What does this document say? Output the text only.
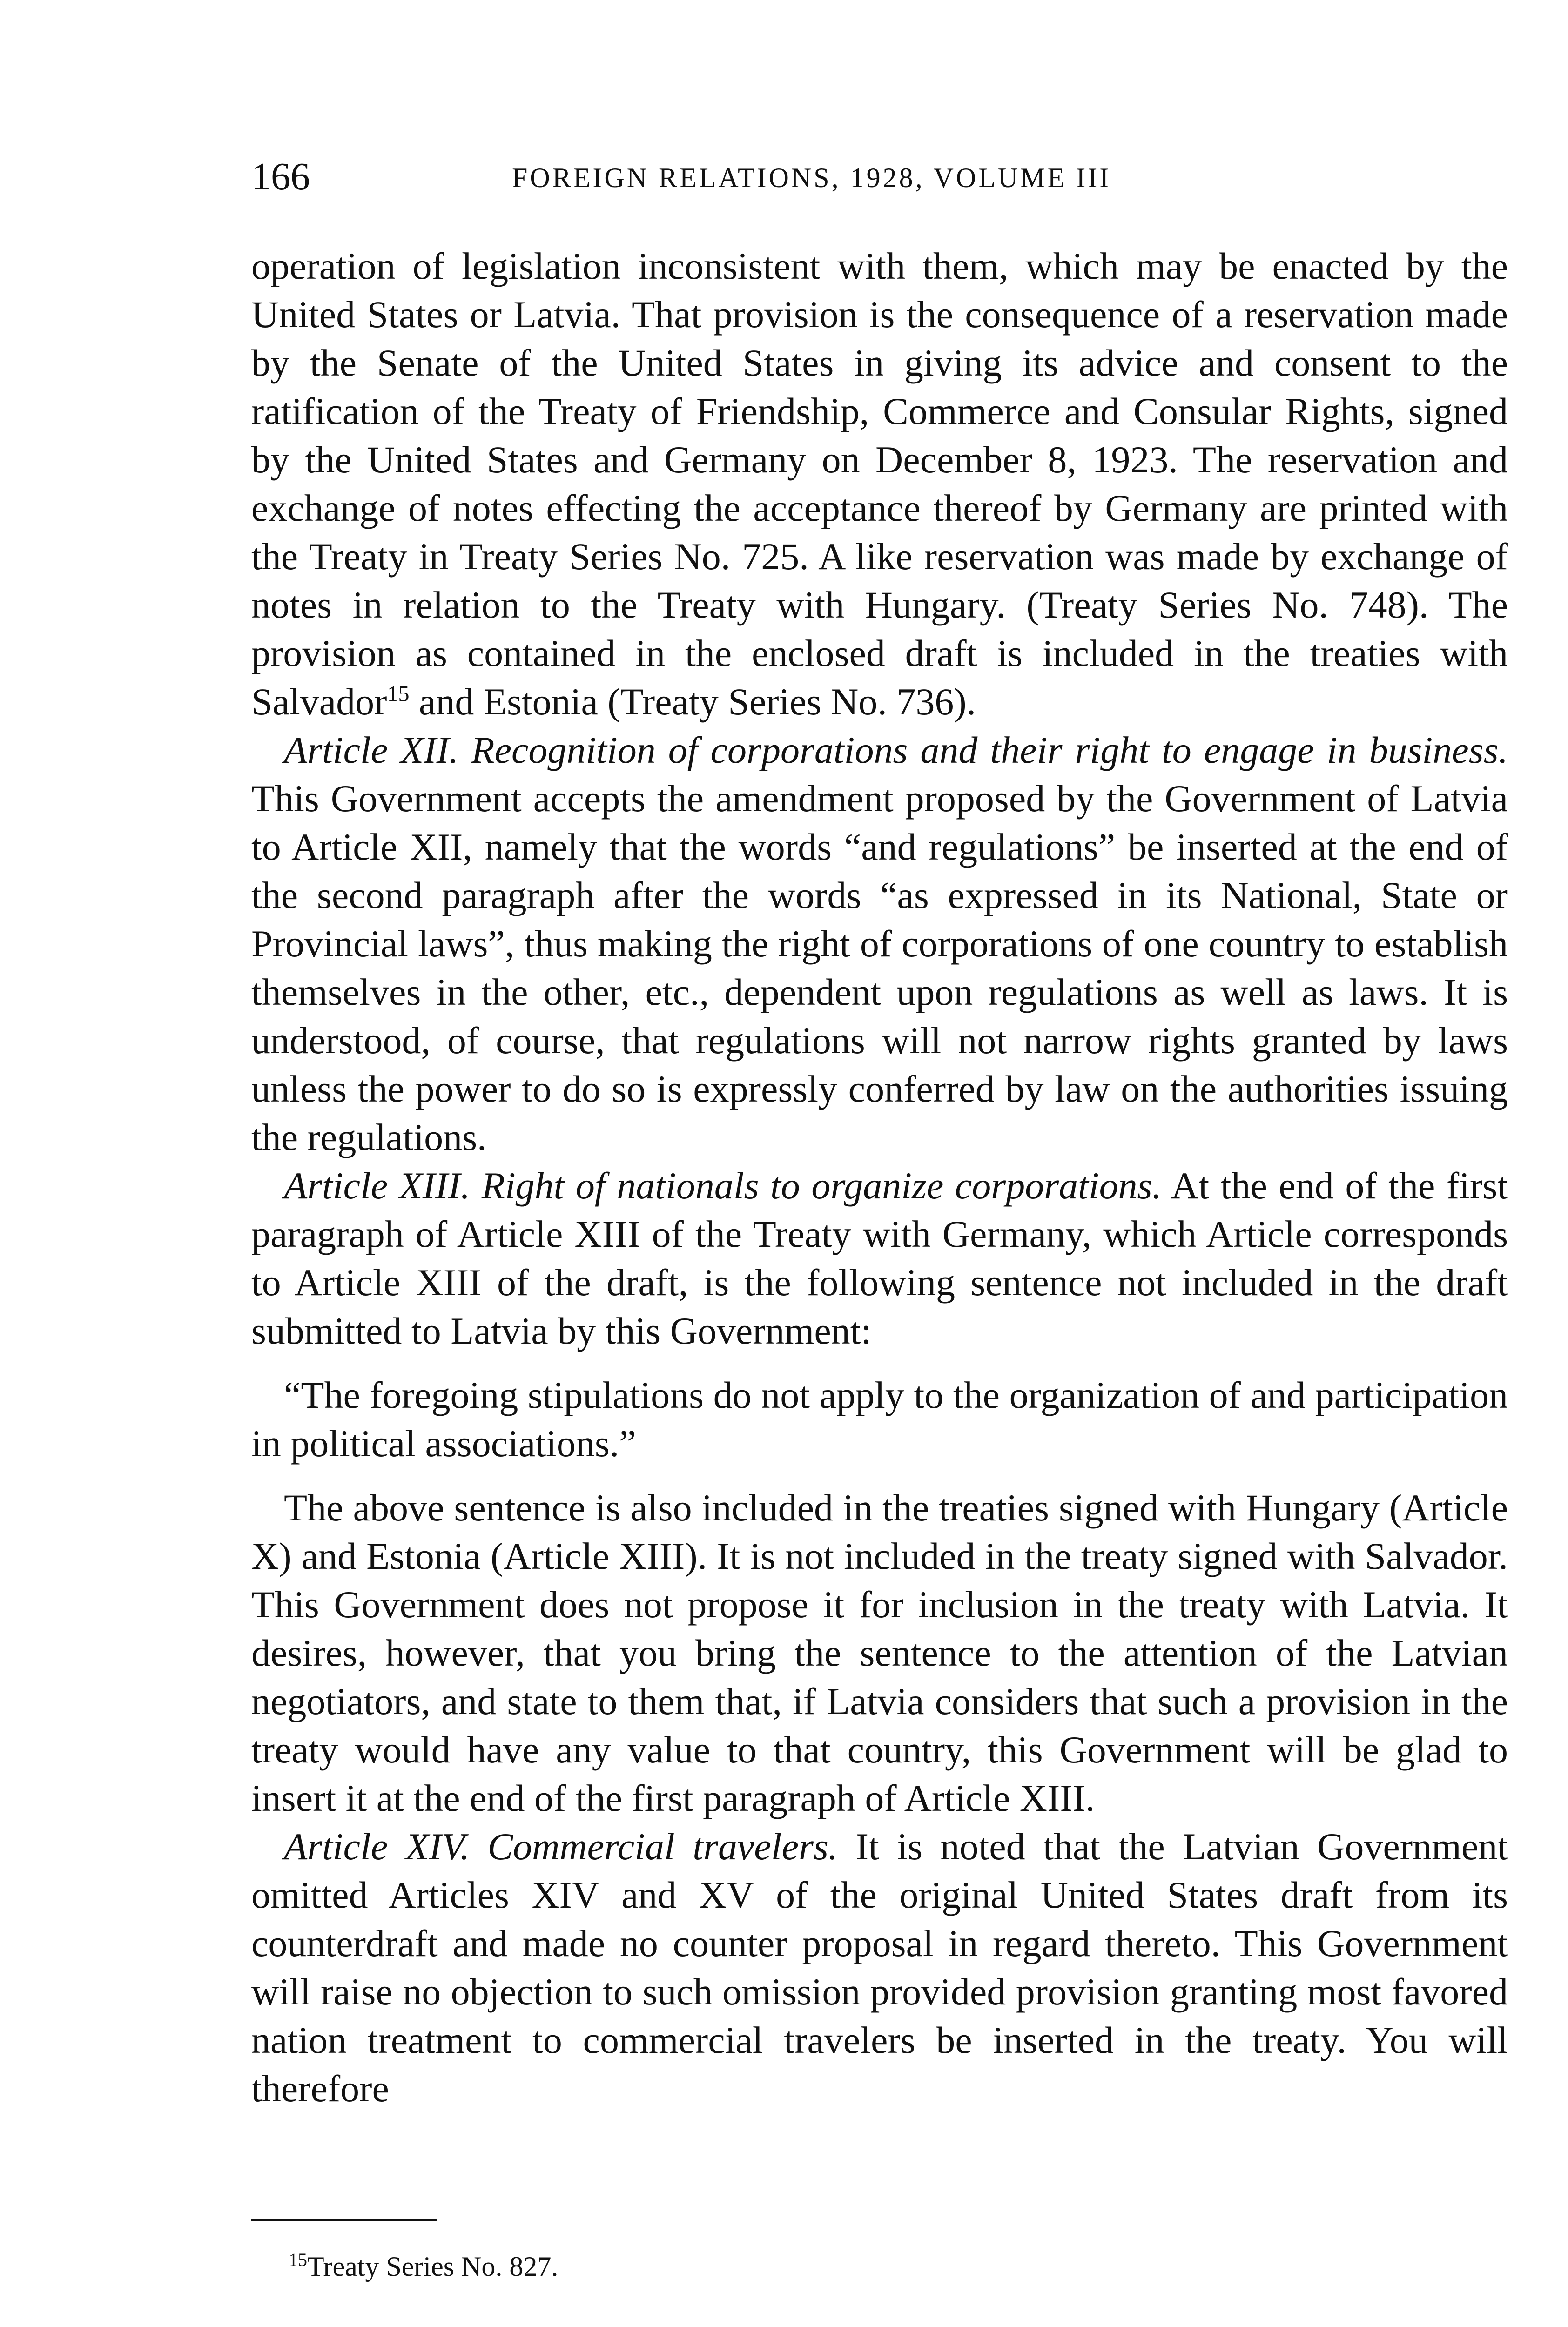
166	FOREIGN RELATIONS, 1928, VOLUME III

operation of legislation inconsistent with them, which may be enacted by the United States or Latvia. That provision is the consequence of a reservation made by the Senate of the United States in giving its advice and consent to the ratification of the Treaty of Friendship, Commerce and Consular Rights, signed by the United States and Germany on December 8, 1923. The reservation and exchange of notes effecting the acceptance thereof by Germany are printed with the Treaty in Treaty Series No. 725. A like reservation was made by exchange of notes in relation to the Treaty with Hungary. (Treaty Series No. 748). The provision as contained in the enclosed draft is included in the treaties with Salvador$^{15}$ and Estonia (Treaty Series No. 736).

Article XII. Recognition of corporations and their right to engage in business. This Government accepts the amendment proposed by the Government of Latvia to Article XII, namely that the words “and regulations” be inserted at the end of the second paragraph after the words “as expressed in its National, State or Provincial laws”, thus making the right of corporations of one country to establish themselves in the other, etc., dependent upon regulations as well as laws. It is understood, of course, that regulations will not narrow rights granted by laws unless the power to do so is expressly conferred by law on the authorities issuing the regulations.

Article XIII. Right of nationals to organize corporations. At the end of the first paragraph of Article XIII of the Treaty with Germany, which Article corresponds to Article XIII of the draft, is the following sentence not included in the draft submitted to Latvia by this Government:

“The foregoing stipulations do not apply to the organization of and participation in political associations.”

The above sentence is also included in the treaties signed with Hungary (Article X) and Estonia (Article XIII). It is not included in the treaty signed with Salvador. This Government does not propose it for inclusion in the treaty with Latvia. It desires, however, that you bring the sentence to the attention of the Latvian negotiators, and state to them that, if Latvia considers that such a provision in the treaty would have any value to that country, this Government will be glad to insert it at the end of the first paragraph of Article XIII.

Article XIV. Commercial travelers. It is noted that the Latvian Government omitted Articles XIV and XV of the original United States draft from its counterdraft and made no counter proposal in regard thereto. This Government will raise no objection to such omission provided provision granting most favored nation treatment to commercial travelers be inserted in the treaty. You will therefore

$^{15}$Treaty Series No. 827.
